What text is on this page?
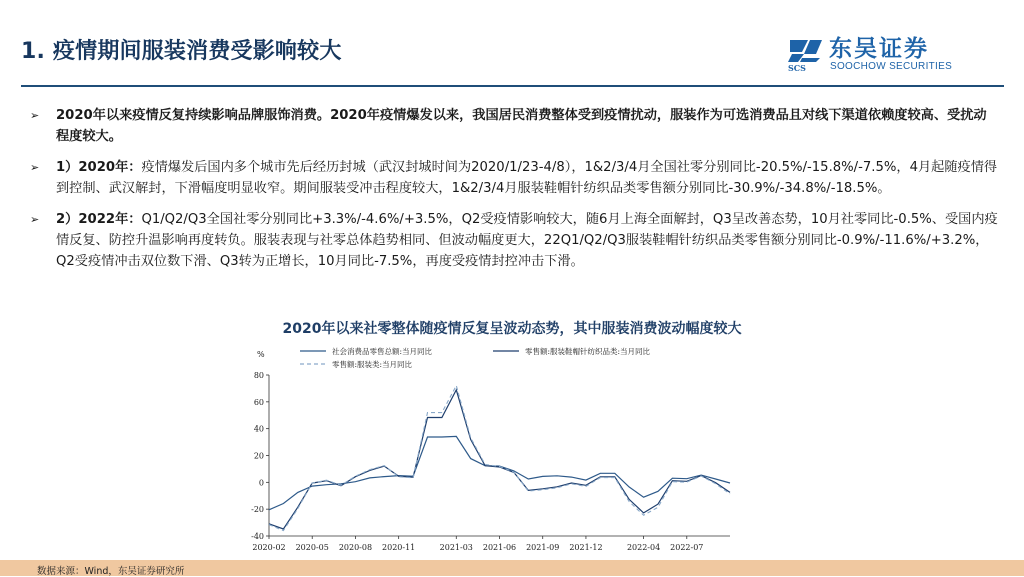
1. 疫情期间服装消费受影响较大
SCS
东吴证券
SOOCHOW SECURITIES
➢ 2020年以来疫情反复持续影响品牌服饰消费。2020年疫情爆发以来，我国居民消费整体受到疫情扰动，服装作为可选消费品且对线下渠道依赖度较高、受扰动程度较大。
➢ 1）2020年：疫情爆发后国内多个城市先后经历封城（武汉封城时间为2020/1/23-4/8），1&2/3/4月全国社零分别同比-20.5%/-15.8%/-7.5%，4月起随疫情得到控制、武汉解封，下滑幅度明显收窄。期间服装受冲击程度较大，1&2/3/4月服装鞋帽针纺织品类零售额分别同比-30.9%/-34.8%/-18.5%。
➢ 2）2022年：Q1/Q2/Q3全国社零分别同比+3.3%/-4.6%/+3.5%，Q2受疫情影响较大，随6月上海全面解封，Q3呈改善态势，10月社零同比-0.5%、受国内疫情反复、防控升温影响再度转负。服装表现与社零总体趋势相同、但波动幅度更大，22Q1/Q2/Q3服装鞋帽针纺织品类零售额分别同比-0.9%/-11.6%/+3.2%，Q2受疫情冲击双位数下滑、Q3转为正增长，10月同比-7.5%，再度受疫情封控冲击下滑。
2020年以来社零整体随疫情反复呈波动态势，其中服装消费波动幅度较大
80
60
40
20
0
-20
-40
%
2020-02 2020-05 2020-08 2020-11	2021-03 2021-06 2021-09 2021-12	2022-04 2022-07
社会消费品零售总额:当月同比	零售额:服装鞋帽针纺织品类:当月同比
零售额:服装类:当月同比
数据来源：Wind，东吴证券研究所
